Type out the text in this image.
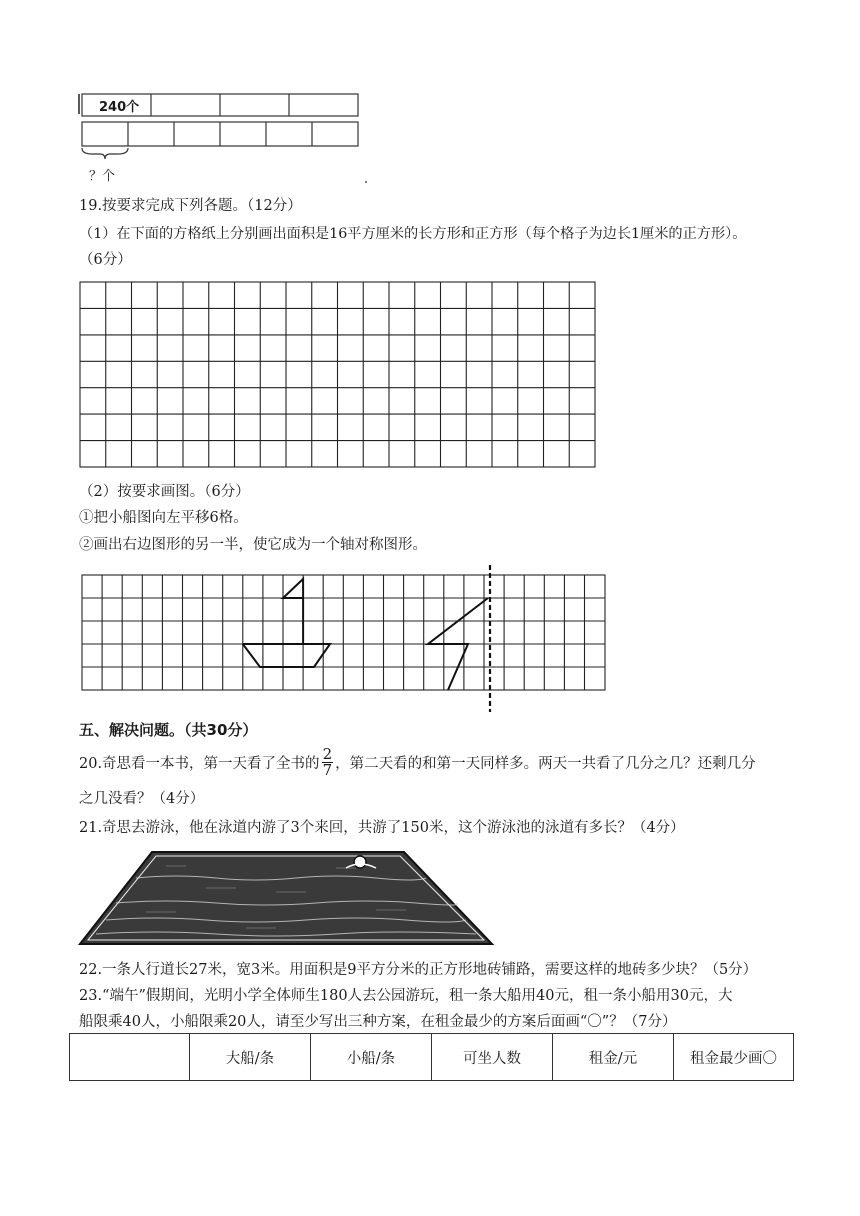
240个
？个
19.按要求完成下列各题。（12分）
（1）在下面的方格纸上分别画出面积是16平方厘米的长方形和正方形（每个格子为边长1厘米的正方形）。
（6分）
（2）按要求画图。（6分）
①把小船图向左平移6格。
②画出右边图形的另一半，使它成为一个轴对称图形。
五、解决问题。（共30分）
20.奇思看一本书，第一天看了全书的 $\frac{2}{7}$ ，第二天看的和第一天同样多。两天一共看了几分之几？还剩几分
之几没看？（4分）
21.奇思去游泳，他在泳道内游了3个来回，共游了150米，这个游泳池的泳道有多长？（4分）
22.一条人行道长27米，宽3米。用面积是9平方分米的正方形地砖铺路，需要这样的地砖多少块？（5分）
23.“端午”假期间，光明小学全体师生180人去公园游玩，租一条大船用40元，租一条小船用30元，大
船限乘40人，小船限乘20人，请至少写出三种方案，在租金最少的方案后面画“〇”？（7分）
	大船/条	小船/条	可坐人数	租金/元	租金最少画〇
